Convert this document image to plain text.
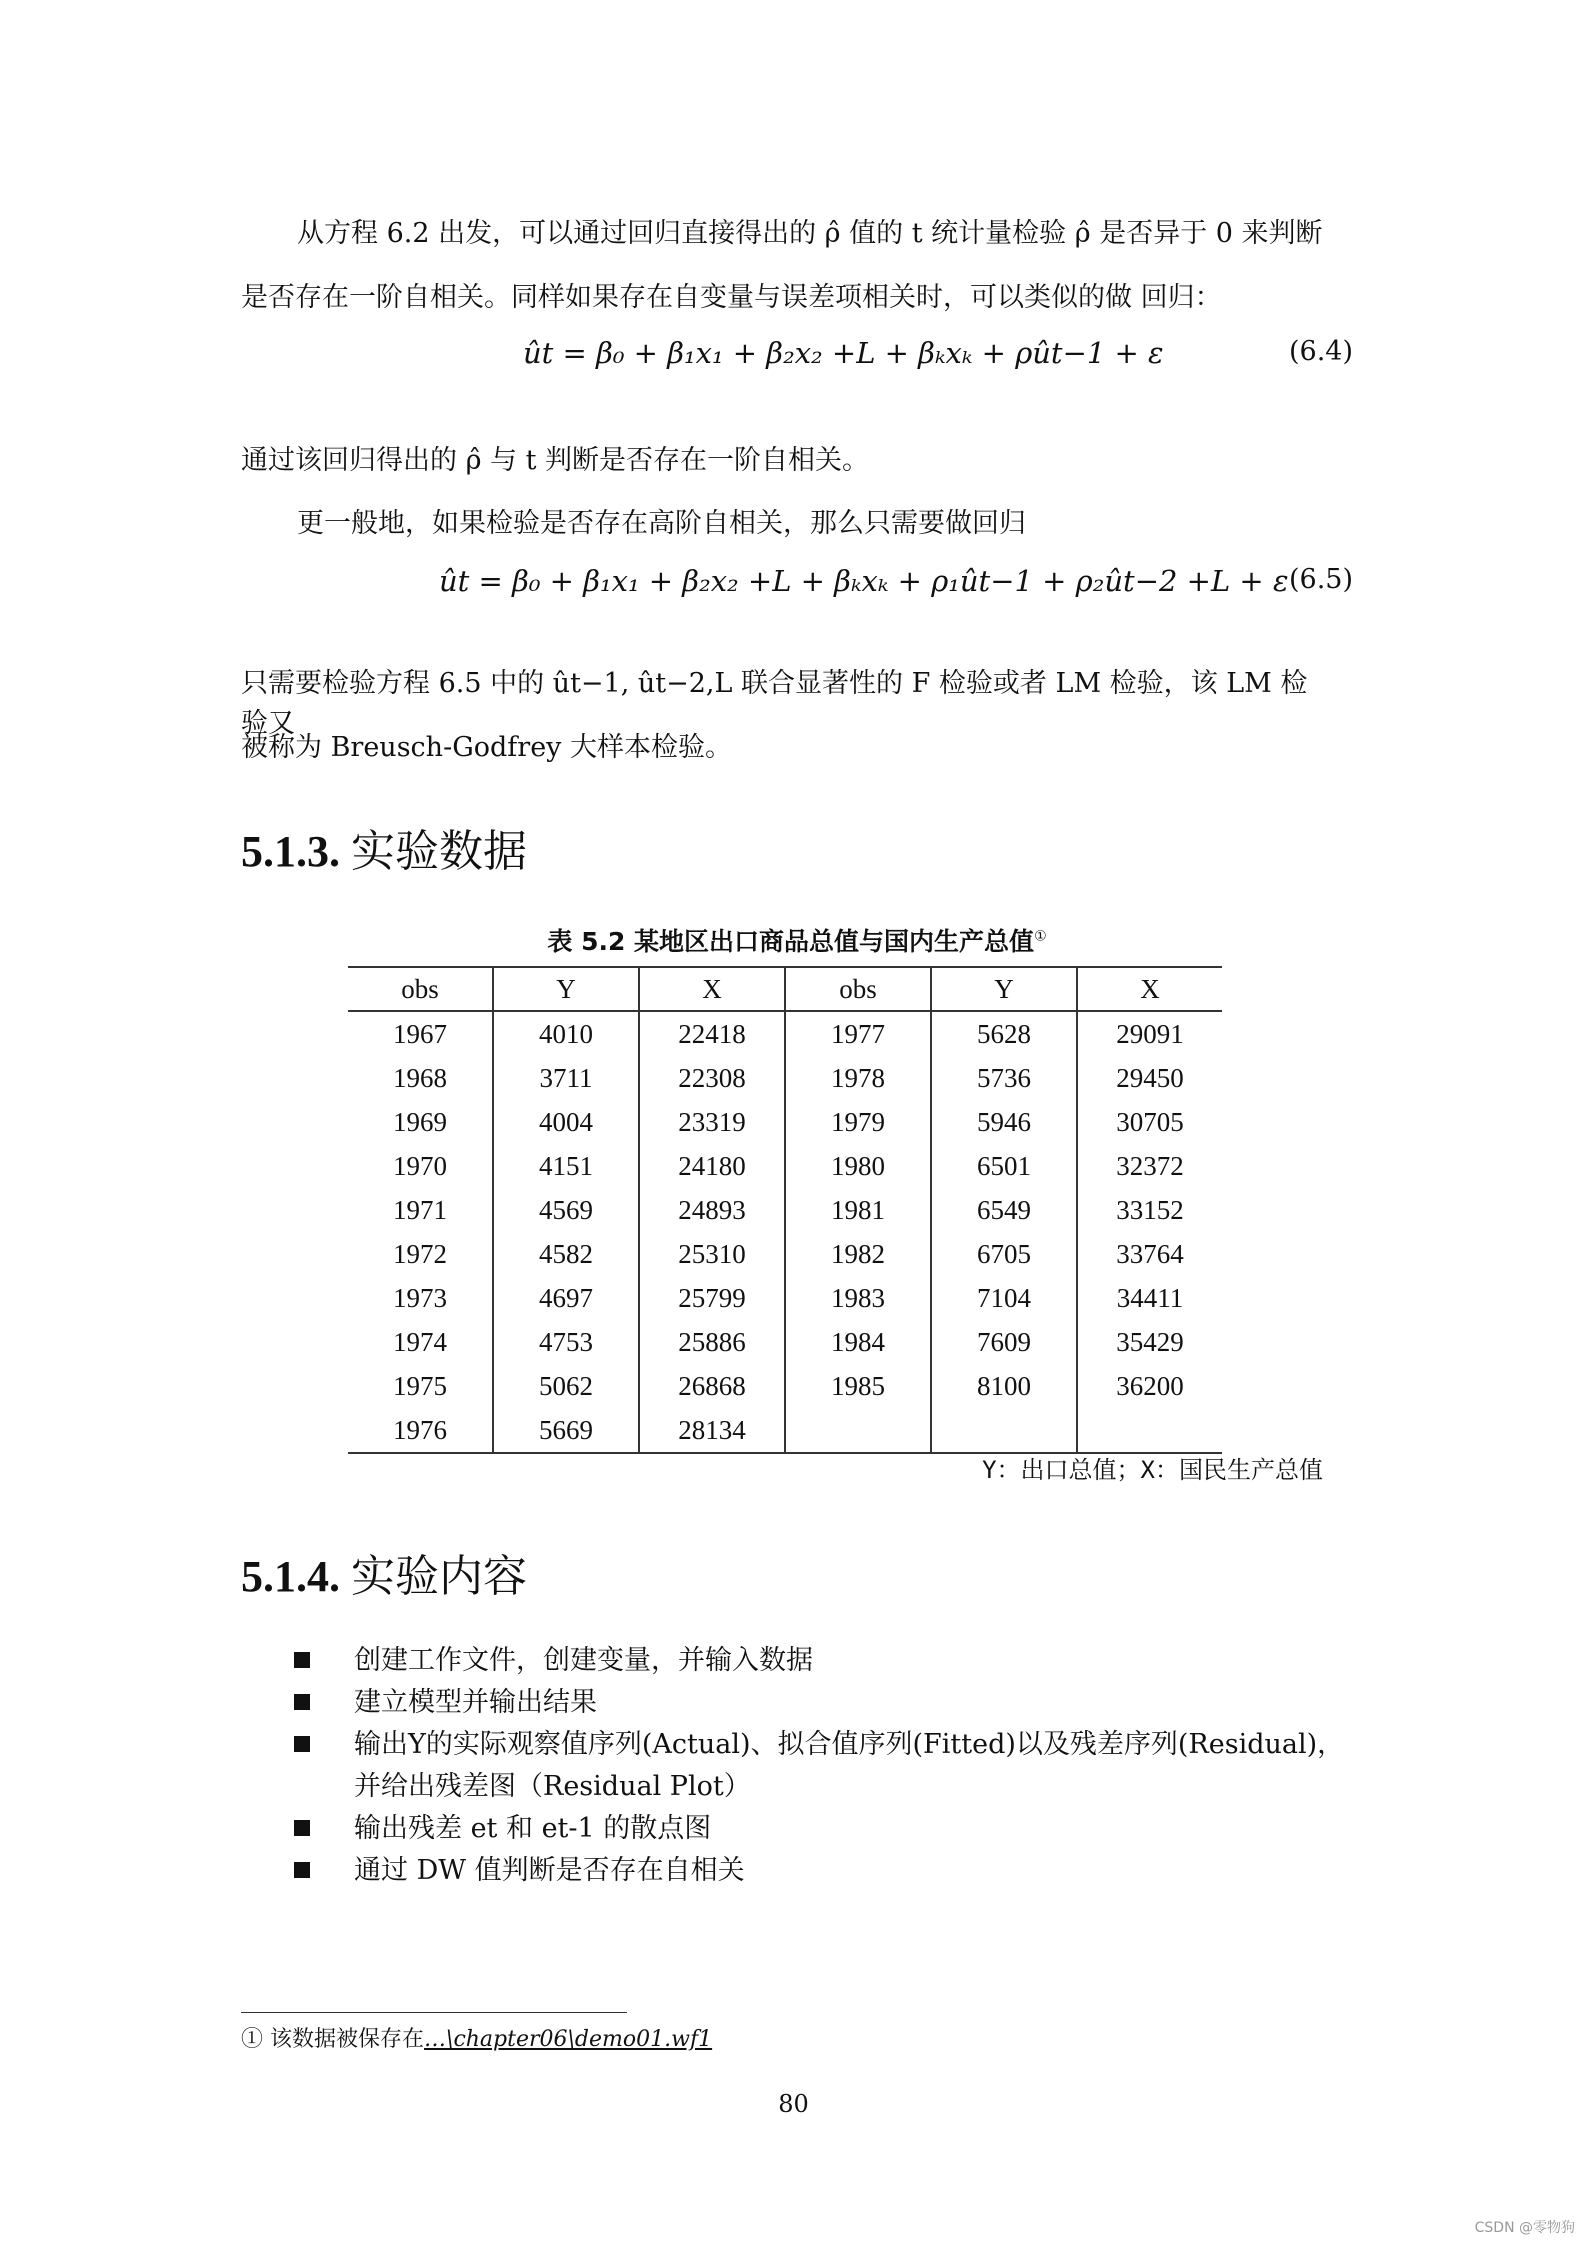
从方程 6.2 出发，可以通过回归直接得出的 ρ̂ 值的 t 统计量检验 ρ̂ 是否异于 0 来判断
是否存在一阶自相关。同样如果存在自变量与误差项相关时，可以类似的做 回归：
ût = β₀ + β₁x₁ + β₂x₂ +L + βₖxₖ + ρût−1 + ε	(6.4)
通过该回归得出的 ρ̂ 与 t 判断是否存在一阶自相关。
更一般地，如果检验是否存在高阶自相关，那么只需要做回归
ût = β₀ + β₁x₁ + β₂x₂ +L + βₖxₖ + ρ₁ût−1 + ρ₂ût−2 +L + ε (6.5)
只需要检验方程 6.5 中的 ût−1, ût−2,L 联合显著性的 F 检验或者 LM 检验，该 LM 检验又
被称为 Breusch-Godfrey 大样本检验。
5.1.3. 实验数据
表 5.2 某地区出口商品总值与国内生产总值①
obs	Y	X	obs	Y	X
1967	4010	22418	1977	5628	29091
1968	3711	22308	1978	5736	29450
1969	4004	23319	1979	5946	30705
1970	4151	24180	1980	6501	32372
1971	4569	24893	1981	6549	33152
1972	4582	25310	1982	6705	33764
1973	4697	25799	1983	7104	34411
1974	4753	25886	1984	7609	35429
1975	5062	26868	1985	8100	36200
1976	5669	28134			
Y：出口总值；X：国民生产总值
5.1.4. 实验内容
创建工作文件，创建变量，并输入数据
建立模型并输出结果
输出Y的实际观察值序列(Actual)、拟合值序列(Fitted)以及残差序列(Residual)，并给出残差图（Residual Plot）
输出残差 et 和 et-1 的散点图
通过 DW 值判断是否存在自相关
① 该数据被保存在…\chapter06\demo01.wf1
80
CSDN @零物狗
